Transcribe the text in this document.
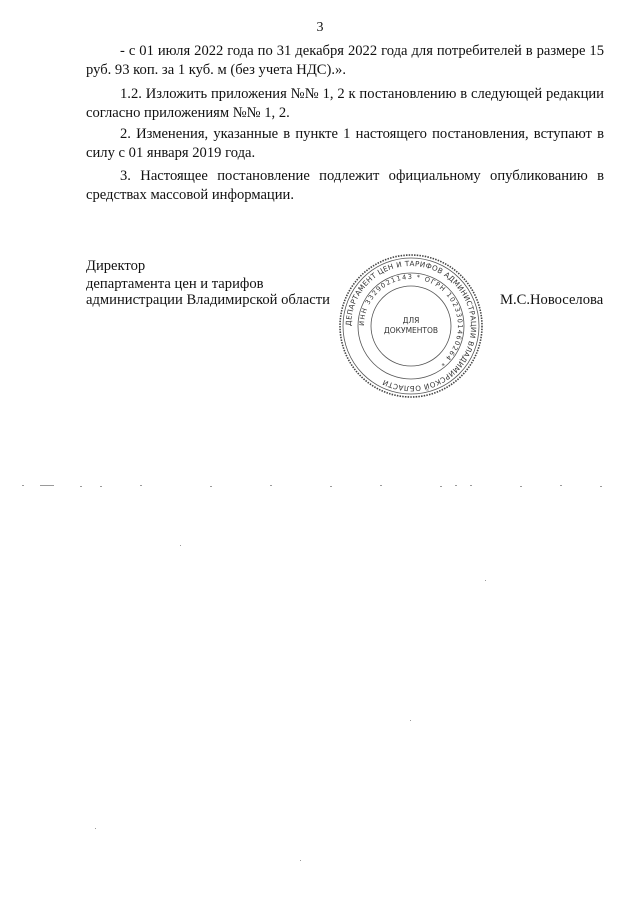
3

- с 01 июля 2022 года по 31 декабря 2022 года для потребителей в размере 15 руб. 93 коп. за 1 куб. м (без учета НДС).».

1.2. Изложить приложения №№ 1, 2 к постановлению в следующей редакции согласно приложениям №№ 1, 2.

2. Изменения, указанные в пункте 1 настоящего постановления, вступают в силу с 01 января 2019 года.

3. Настоящее постановление подлежит официальному опубликованию в средствах массовой информации.

Директор
департамента цен и тарифов
администрации Владимирской области	М.С.Новоселова
ДЕПАРТАМЕНТ ЦЕН И ТАРИФОВ АДМИНИСТРАЦИИ ВЛАДИМИРСКОЙ ОБЛАСТИ
ИНН 3329021143 * ОГРН 1023301460264 *
ДЛЯ
ДОКУМЕНТОВ
